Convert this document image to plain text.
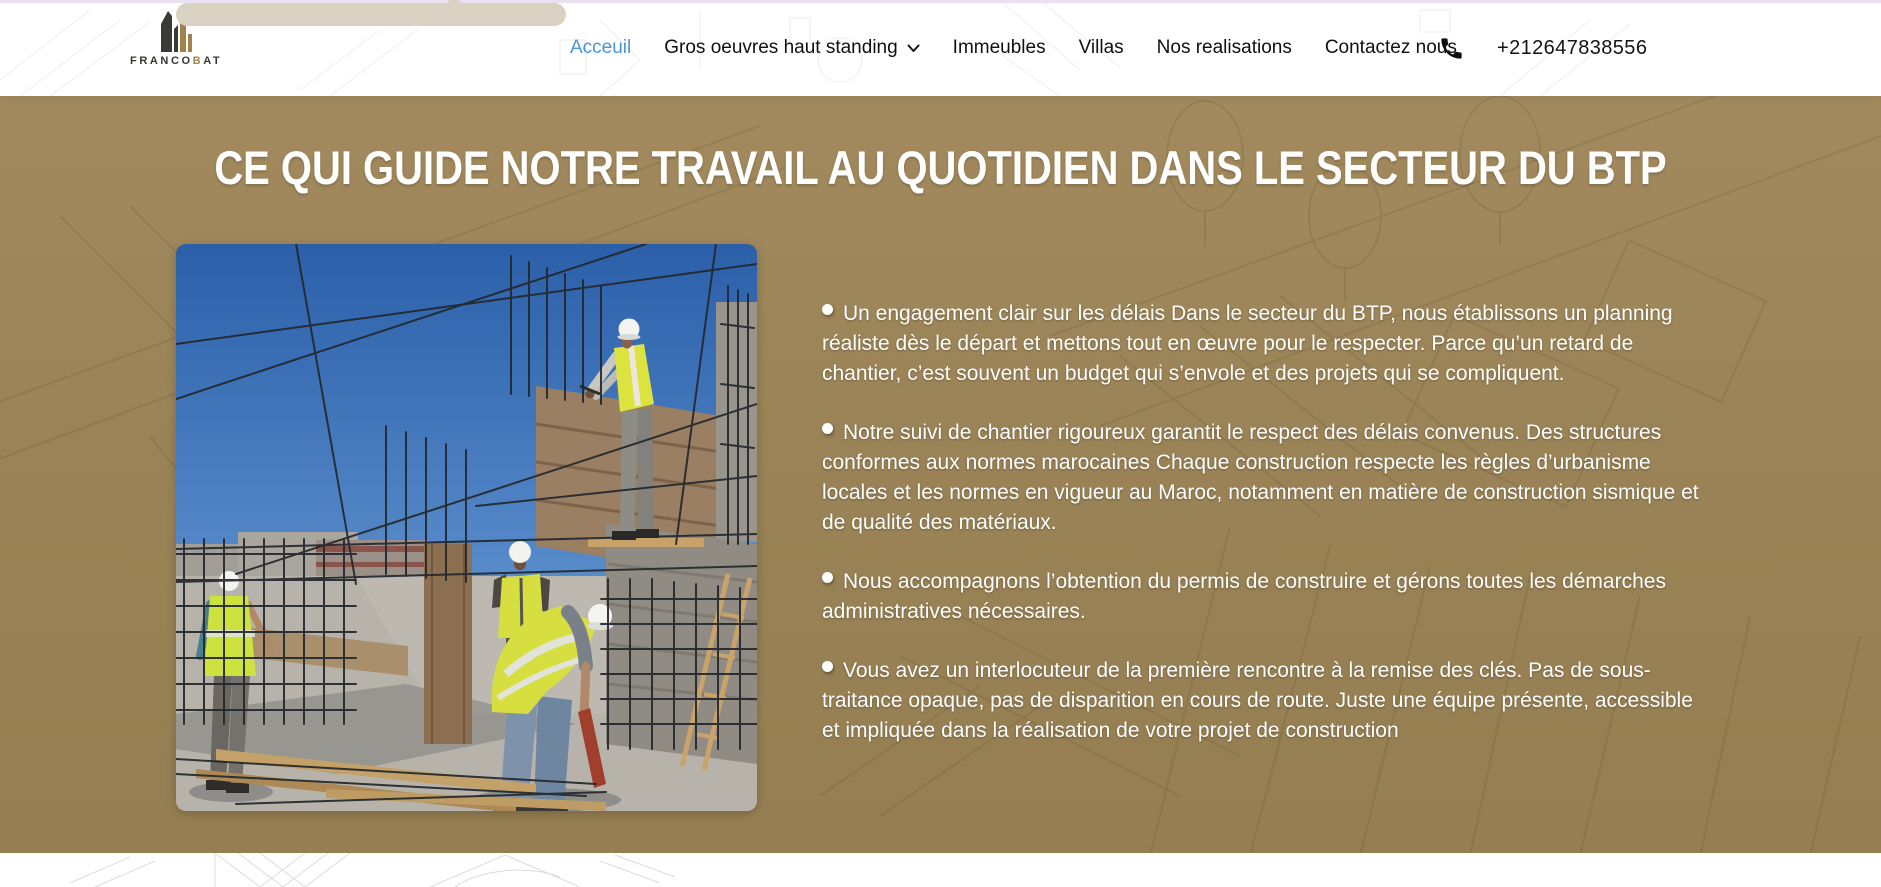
FRANCOBAT
Acceuil Gros oeuvres haut standing	Immeubles Villas Nos realisations Contactez nous +212647838556
CE QUI GUIDE NOTRE TRAVAIL AU QUOTIDIEN DANS LE SECTEUR DU BTP

Un engagement clair sur les délais Dans le secteur du BTP, nous établissons un planning réaliste dès le départ et mettons tout en œuvre pour le respecter. Parce qu’un retard de chantier, c’est souvent un budget qui s’envole et des projets qui se compliquent.

Notre suivi de chantier rigoureux garantit le respect des délais convenus. Des structures conformes aux normes marocaines Chaque construction respecte les règles d’urbanisme locales et les normes en vigueur au Maroc, notamment en matière de construction sismique et de qualité des matériaux.

Nous accompagnons l’obtention du permis de construire et gérons toutes les démarches administratives nécessaires.

Vous avez un interlocuteur de la première rencontre à la remise des clés. Pas de sous-traitance opaque, pas de disparition en cours de route. Juste une équipe présente, accessible et impliquée dans la réalisation de votre projet de construction
